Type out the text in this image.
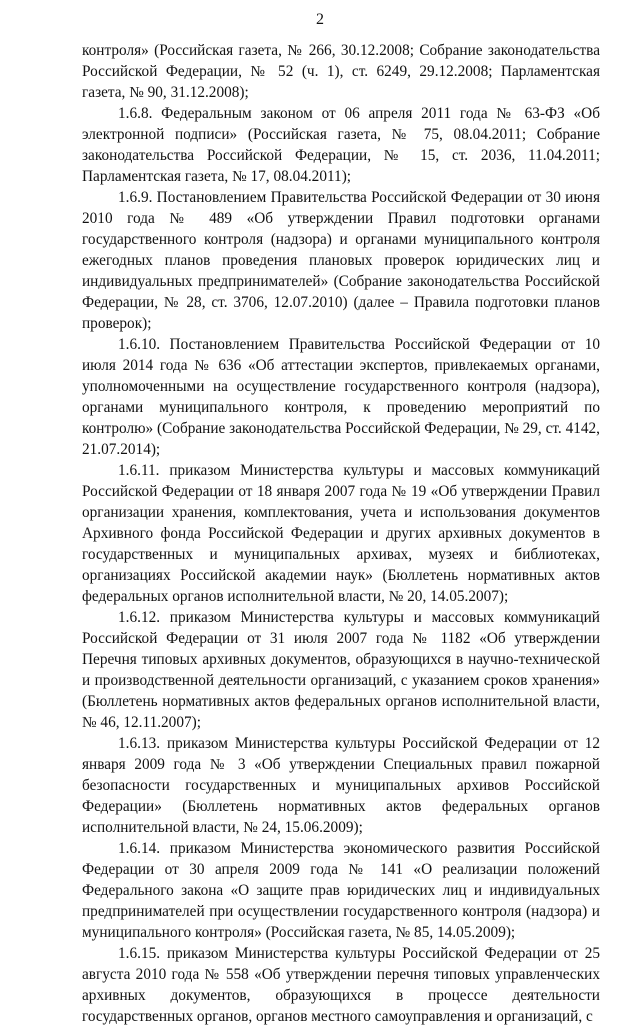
2

контроля» (Российская газета, № 266, 30.12.2008; Собрание законодательства Российской Федерации, № 52 (ч. 1), ст. 6249, 29.12.2008; Парламентская газета, № 90, 31.12.2008);

1.6.8. Федеральным законом от 06 апреля 2011 года № 63-ФЗ «Об электронной подписи» (Российская газета, № 75, 08.04.2011; Собрание законодательства Российской Федерации, № 15, ст. 2036, 11.04.2011; Парламентская газета, № 17, 08.04.2011);

1.6.9. Постановлением Правительства Российской Федерации от 30 июня 2010 года № 489 «Об утверждении Правил подготовки органами государственного контроля (надзора) и органами муниципального контроля ежегодных планов проведения плановых проверок юридических лиц и индивидуальных предпринимателей» (Собрание законодательства Российской Федерации, № 28, ст. 3706, 12.07.2010) (далее – Правила подготовки планов проверок);

1.6.10. Постановлением Правительства Российской Федерации от 10 июля 2014 года № 636 «Об аттестации экспертов, привлекаемых органами, уполномоченными на осуществление государственного контроля (надзора), органами муниципального контроля, к проведению мероприятий по контролю» (Собрание законодательства Российской Федерации, № 29, ст. 4142, 21.07.2014);

1.6.11. приказом Министерства культуры и массовых коммуникаций Российской Федерации от 18 января 2007 года № 19 «Об утверждении Правил организации хранения, комплектования, учета и использования документов Архивного фонда Российской Федерации и других архивных документов в государственных и муниципальных архивах, музеях и библиотеках, организациях Российской академии наук» (Бюллетень нормативных актов федеральных органов исполнительной власти, № 20, 14.05.2007);

1.6.12. приказом Министерства культуры и массовых коммуникаций Российской Федерации от 31 июля 2007 года № 1182 «Об утверждении Перечня типовых архивных документов, образующихся в научно-технической и производственной деятельности организаций, с указанием сроков хранения» (Бюллетень нормативных актов федеральных органов исполнительной власти, № 46, 12.11.2007);

1.6.13. приказом Министерства культуры Российской Федерации от 12 января 2009 года № 3 «Об утверждении Специальных правил пожарной безопасности государственных и муниципальных архивов Российской Федерации» (Бюллетень нормативных актов федеральных органов исполнительной власти, № 24, 15.06.2009);

1.6.14. приказом Министерства экономического развития Российской Федерации от 30 апреля 2009 года № 141 «О реализации положений Федерального закона «О защите прав юридических лиц и индивидуальных предпринимателей при осуществлении государственного контроля (надзора) и муниципального контроля» (Российская газета, № 85, 14.05.2009);

1.6.15. приказом Министерства культуры Российской Федерации от 25 августа 2010 года № 558 «Об утверждении перечня типовых управленческих архивных документов, образующихся в процессе деятельности государственных органов, органов местного самоуправления и организаций, с
